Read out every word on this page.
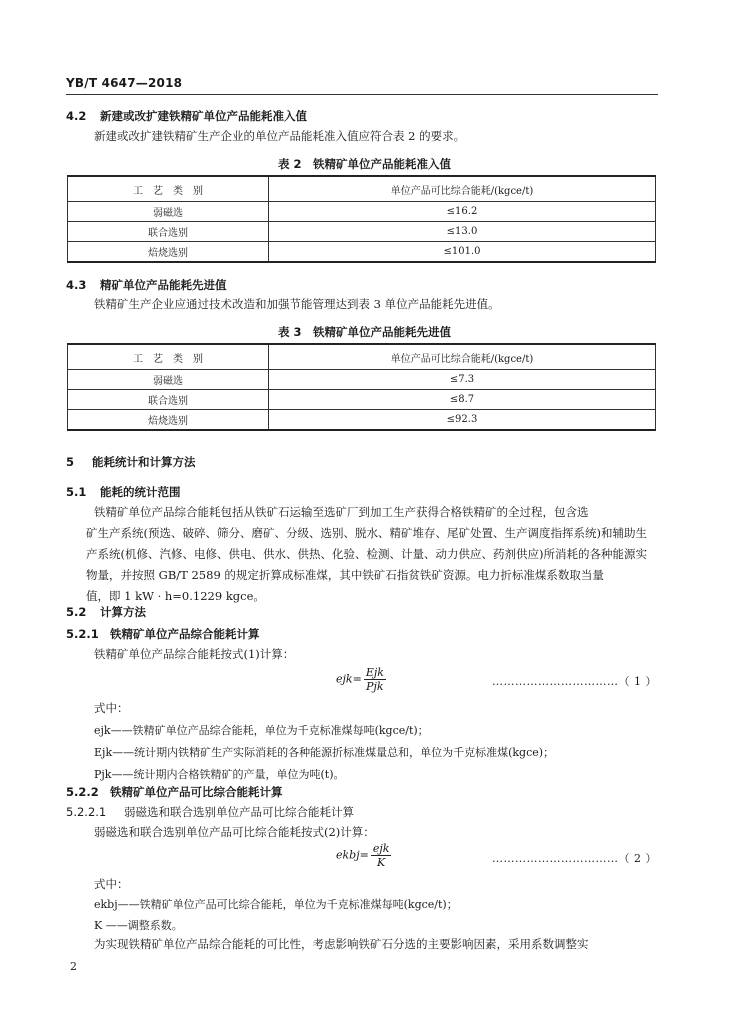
YB/T 4647—2018
4.2 新建或改扩建铁精矿单位产品能耗准入值
新建或改扩建铁精矿生产企业的单位产品能耗准入值应符合表 2 的要求。
表 2　铁精矿单位产品能耗准入值
工　艺　类　别	单位产品可比综合能耗/(kgce/t)
弱磁选	≤16.2
联合选别	≤13.0
焙烧选别	≤101.0
4.3 精矿单位产品能耗先进值
铁精矿生产企业应通过技术改造和加强节能管理达到表 3 单位产品能耗先进值。
表 3　铁精矿单位产品能耗先进值
工　艺　类　别	单位产品可比综合能耗/(kgce/t)
弱磁选	≤7.3
联合选别	≤8.7
焙烧选别	≤92.3
5 能耗统计和计算方法
5.1 能耗的统计范围
铁精矿单位产品综合能耗包括从铁矿石运输至选矿厂到加工生产获得合格铁精矿的全过程，包含选
矿生产系统(预选、破碎、筛分、磨矿、分级、选别、脱水、精矿堆存、尾矿处置、生产调度指挥系统)和辅助生
产系统(机修、汽修、电修、供电、供水、供热、化验、检测、计量、动力供应、药剂供应)所消耗的各种能源实
物量，并按照 GB/T 2589 的规定折算成标准煤，其中铁矿石指贫铁矿资源。电力折标准煤系数取当量
值，即 1 kW · h=0.1229 kgce。
5.2 计算方法
5.2.1 铁精矿单位产品综合能耗计算
铁精矿单位产品综合能耗按式(1)计算：
$ejk= \frac{\text{Ejk}}{\text{Pjk}}$	……………………………（ 1 ）
式中：
ejk——铁精矿单位产品综合能耗，单位为千克标准煤每吨(kgce/t)；
Ejk——统计期内铁精矿生产实际消耗的各种能源折标准煤量总和，单位为千克标准煤(kgce)；
Pjk——统计期内合格铁精矿的产量，单位为吨(t)。
5.2.2 铁精矿单位产品可比综合能耗计算
5.2.2.1 弱磁选和联合选别单位产品可比综合能耗计算
弱磁选和联合选别单位产品可比综合能耗按式(2)计算：
ekbj= $\frac{\text{ejk}}{K}$	……………………………（ 2 ）
式中：
ekbj——铁精矿单位产品可比综合能耗，单位为千克标准煤每吨(kgce/t)；
K ——调整系数。
为实现铁精矿单位产品综合能耗的可比性，考虑影响铁矿石分选的主要影响因素，采用系数调整实
2
